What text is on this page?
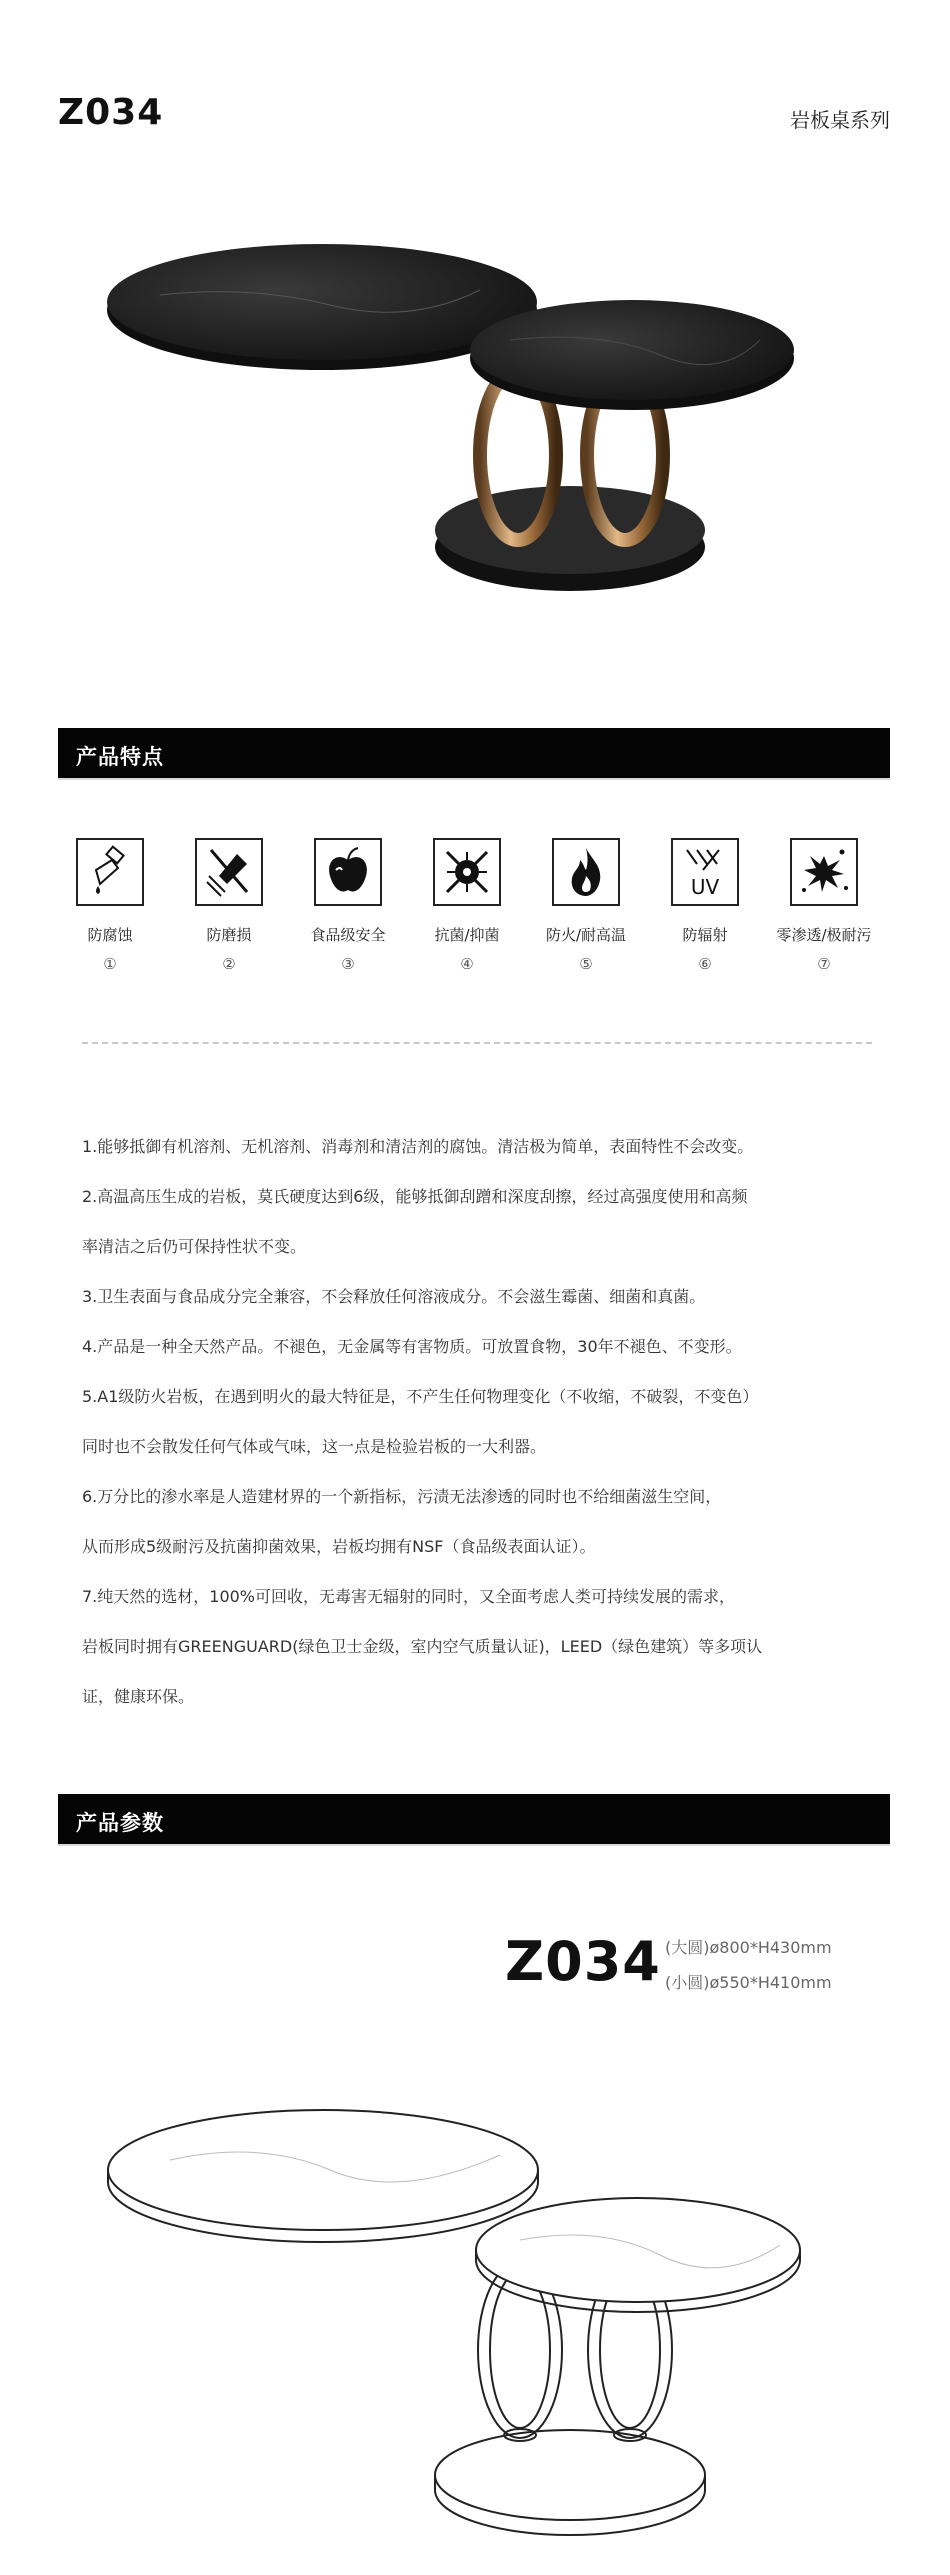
Z034	岩板桌系列
产品特点
防腐蚀
①
防磨损
②
食品级安全
③
抗菌/抑菌
④
防火/耐高温
⑤
UV
防辐射
⑥
零渗透/极耐污
⑦

1.能够抵御有机溶剂、无机溶剂、消毒剂和清洁剂的腐蚀。清洁极为简单，表面特性不会改变。

2.高温高压生成的岩板，莫氏硬度达到6级，能够抵御刮蹭和深度刮擦，经过高强度使用和高频

率清洁之后仍可保持性状不变。

3.卫生表面与食品成分完全兼容，不会释放任何溶液成分。不会滋生霉菌、细菌和真菌。

4.产品是一种全天然产品。不褪色，无金属等有害物质。可放置食物，30年不褪色、不变形。

5.A1级防火岩板，在遇到明火的最大特征是，不产生任何物理变化（不收缩，不破裂，不变色）

同时也不会散发任何气体或气味，这一点是检验岩板的一大利器。

6.万分比的渗水率是人造建材界的一个新指标，污渍无法渗透的同时也不给细菌滋生空间，

从而形成5级耐污及抗菌抑菌效果，岩板均拥有NSF（食品级表面认证）。

7.纯天然的选材，100%可回收，无毒害无辐射的同时，又全面考虑人类可持续发展的需求，

岩板同时拥有GREENGUARD(绿色卫士金级，室内空气质量认证)，LEED（绿色建筑）等多项认

证，健康环保。

产品参数
Z034 (大圆)ø800*H430mm
(小圆)ø550*H410mm
